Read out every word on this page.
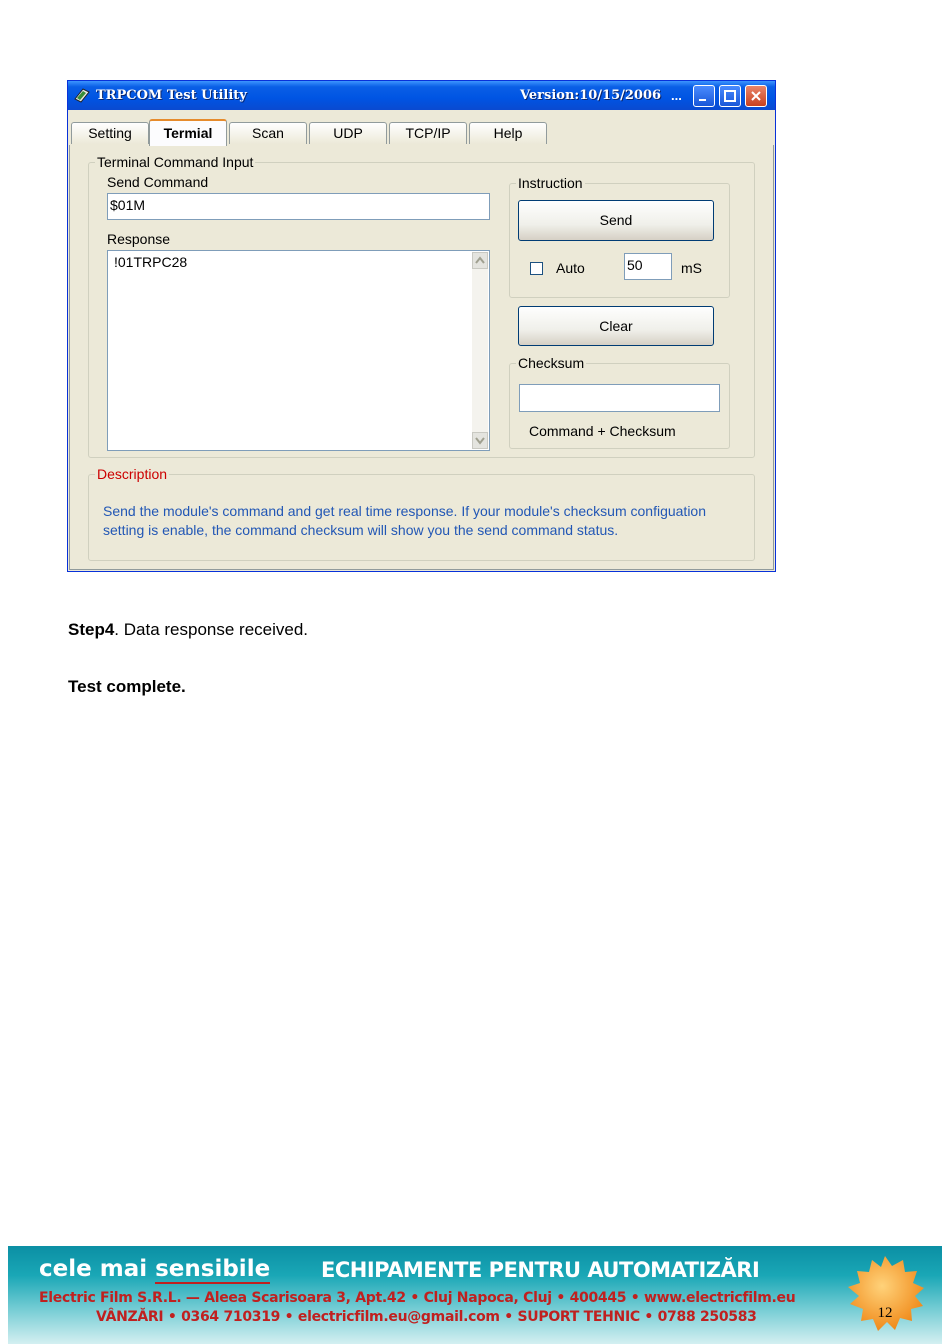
TRPCOM Test Utility	Version:10/15/2006 ...
Setting	Termial	Scan	UDP	TCP/IP	Help
Terminal Command Input
Send Command
$01M
Response
!01TRPC28
Instruction
Send
Auto	50	mS
Clear
Checksum
Command + Checksum
Description
Send the module's command and get real time response. If your module's checksum configuation setting is enable, the command checksum will show you the send command status.
Step4. Data response received.
Test complete.
cele mai sensibile ECHIPAMENTE PENTRU AUTOMATIZĂRI
Electric Film S.R.L. — Aleea Scarisoara 3, Apt.42 • Cluj Napoca, Cluj • 400445 • www.electricfilm.eu
VÂNZĂRI • 0364 710319 • electricfilm.eu@gmail.com • SUPORT TEHNIC • 0788 250583	12
